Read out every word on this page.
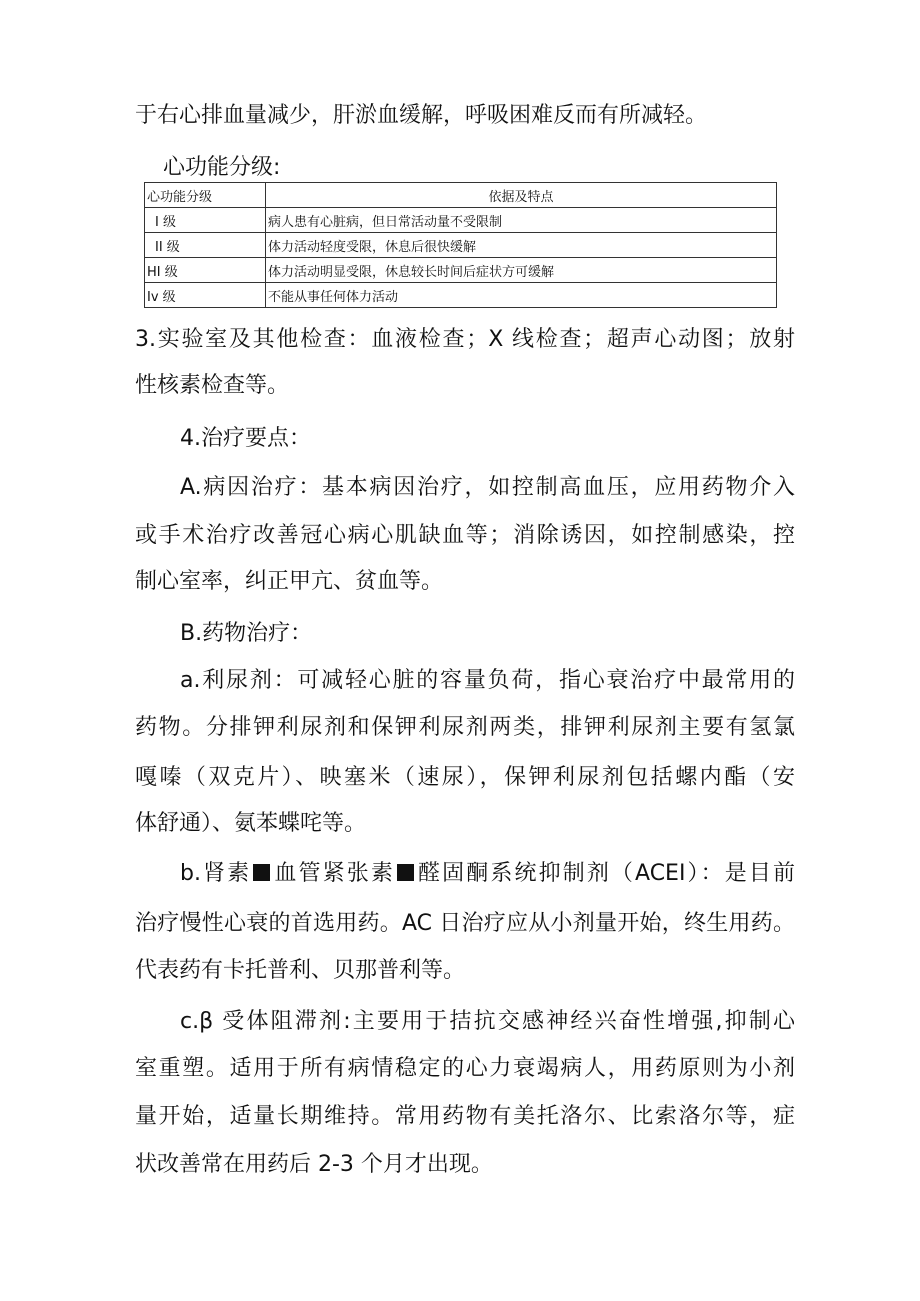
于右心排血量减少，肝淤血缓解，呼吸困难反而有所减轻。
心功能分级:
心功能分级	依据及特点
I 级	病人患有心脏病，但日常活动量不受限制
II 级	体力活动轻度受限，休息后很快缓解
HI 级	体力活动明显受限，休息较长时间后症状方可缓解
Iv 级	不能从事任何体力活动
3.实验室及其他检查：血液检查；X 线检查；超声心动图；放射
性核素检查等。
4.治疗要点：
A.病因治疗：基本病因治疗，如控制高血压，应用药物介入
或手术治疗改善冠心病心肌缺血等；消除诱因，如控制感染，控
制心室率，纠正甲亢、贫血等。
B.药物治疗：
a.利尿剂：可减轻心脏的容量负荷，指心衰治疗中最常用的
药物。分排钾利尿剂和保钾利尿剂两类，排钾利尿剂主要有氢氯
嘎嗪（双克片）、映塞米（速尿），保钾利尿剂包括螺内酯（安
体舒通）、氨苯蝶咤等。
b.肾素 血管紧张素 醛固酮系统抑制剂（ACEI）：是目前
治疗慢性心衰的首选用药。AC 日治疗应从小剂量开始，终生用药。
代表药有卡托普利、贝那普利等。
c.β 受体阻滞剂:主要用于拮抗交感神经兴奋性增强,抑制心
室重塑。适用于所有病情稳定的心力衰竭病人，用药原则为小剂
量开始，适量长期维持。常用药物有美托洛尔、比索洛尔等，症
状改善常在用药后 2-3 个月才出现。
